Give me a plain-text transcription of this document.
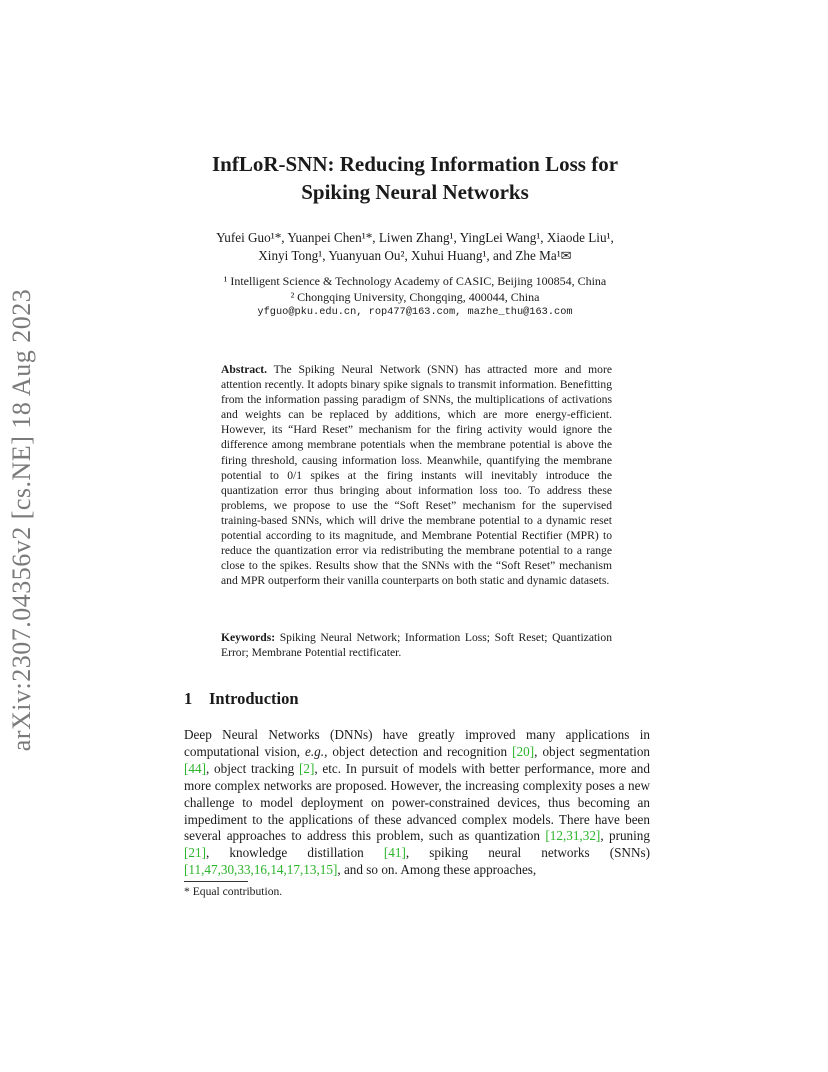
arXiv:2307.04356v2 [cs.NE] 18 Aug 2023
InfLoR-SNN: Reducing Information Loss for
Spiking Neural Networks
Yufei Guo¹*, Yuanpei Chen¹*, Liwen Zhang¹, YingLei Wang¹, Xiaode Liu¹,
Xinyi Tong¹, Yuanyuan Ou², Xuhui Huang¹, and Zhe Ma¹✉
¹ Intelligent Science & Technology Academy of CASIC, Beijing 100854, China
² Chongqing University, Chongqing, 400044, China
yfguo@pku.edu.cn, rop477@163.com, mazhe_thu@163.com
Abstract. The Spiking Neural Network (SNN) has attracted more and more attention recently. It adopts binary spike signals to transmit information. Benefitting from the information passing paradigm of SNNs, the multiplications of activations and weights can be replaced by additions, which are more energy-efficient. However, its “Hard Reset” mechanism for the firing activity would ignore the difference among membrane potentials when the membrane potential is above the firing threshold, causing information loss. Meanwhile, quantifying the membrane potential to 0/1 spikes at the firing instants will inevitably introduce the quantization error thus bringing about information loss too. To address these problems, we propose to use the “Soft Reset” mechanism for the supervised training-based SNNs, which will drive the membrane potential to a dynamic reset potential according to its magnitude, and Membrane Potential Rectifier (MPR) to reduce the quantization error via redistributing the membrane potential to a range close to the spikes. Results show that the SNNs with the “Soft Reset” mechanism and MPR outperform their vanilla counterparts on both static and dynamic datasets.
Keywords: Spiking Neural Network; Information Loss; Soft Reset; Quantization Error; Membrane Potential rectificater.
1 Introduction
Deep Neural Networks (DNNs) have greatly improved many applications in computational vision, e.g., object detection and recognition [20], object segmentation [44], object tracking [2], etc. In pursuit of models with better performance, more and more complex networks are proposed. However, the increasing complexity poses a new challenge to model deployment on power-constrained devices, thus becoming an impediment to the applications of these advanced complex models. There have been several approaches to address this problem, such as quantization [12,31,32], pruning [21], knowledge distillation [41], spiking neural networks (SNNs) [11,47,30,33,16,14,17,13,15], and so on. Among these approaches,
* Equal contribution.
